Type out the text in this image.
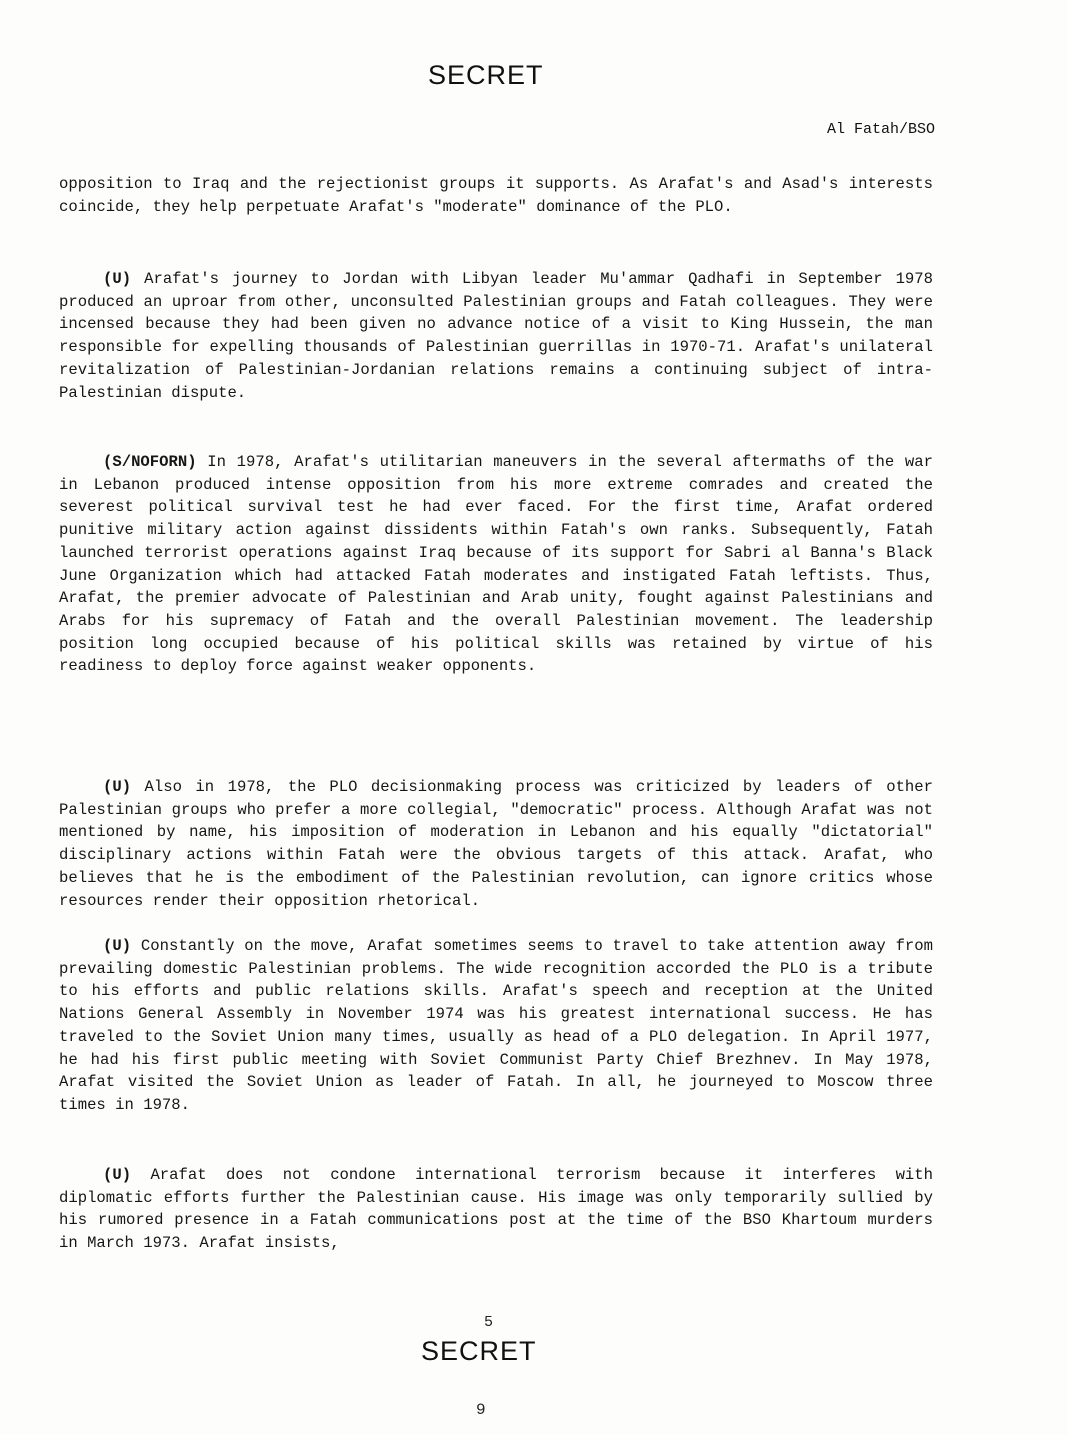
SECRET
Al Fatah/BSO
opposition to Iraq and the rejectionist groups it supports. As Arafat's and Asad's interests coincide, they help perpetuate Arafat's "moderate" dominance of the PLO.
(U) Arafat's journey to Jordan with Libyan leader Mu'ammar Qadhafi in September 1978 produced an uproar from other, unconsulted Palestinian groups and Fatah colleagues. They were incensed because they had been given no advance notice of a visit to King Hussein, the man responsible for expelling thousands of Palestinian guerrillas in 1970-71. Arafat's unilateral revitalization of Palestinian-Jordanian relations remains a continuing subject of intra-Palestinian dispute.
(S/NOFORN) In 1978, Arafat's utilitarian maneuvers in the several aftermaths of the war in Lebanon produced intense opposition from his more extreme comrades and created the severest political survival test he had ever faced. For the first time, Arafat ordered punitive military action against dissidents within Fatah's own ranks. Subsequently, Fatah launched terrorist operations against Iraq because of its support for Sabri al Banna's Black June Organization which had attacked Fatah moderates and instigated Fatah leftists. Thus, Arafat, the premier advocate of Palestinian and Arab unity, fought against Palestinians and Arabs for his supremacy of Fatah and the overall Palestinian movement. The leadership position long occupied because of his political skills was retained by virtue of his readiness to deploy force against weaker opponents.
(U) Also in 1978, the PLO decisionmaking process was criticized by leaders of other Palestinian groups who prefer a more collegial, "democratic" process. Although Arafat was not mentioned by name, his imposition of moderation in Lebanon and his equally "dictatorial" disciplinary actions within Fatah were the obvious targets of this attack. Arafat, who believes that he is the embodiment of the Palestinian revolution, can ignore critics whose resources render their opposition rhetorical.
(U) Constantly on the move, Arafat sometimes seems to travel to take attention away from prevailing domestic Palestinian problems. The wide recognition accorded the PLO is a tribute to his efforts and public relations skills. Arafat's speech and reception at the United Nations General Assembly in November 1974 was his greatest international success. He has traveled to the Soviet Union many times, usually as head of a PLO delegation. In April 1977, he had his first public meeting with Soviet Communist Party Chief Brezhnev. In May 1978, Arafat visited the Soviet Union as leader of Fatah. In all, he journeyed to Moscow three times in 1978.
(U) Arafat does not condone international terrorism because it interferes with diplomatic efforts further the Palestinian cause. His image was only temporarily sullied by his rumored presence in a Fatah communications post at the time of the BSO Khartoum murders in March 1973. Arafat insists,
5
SECRET
9
